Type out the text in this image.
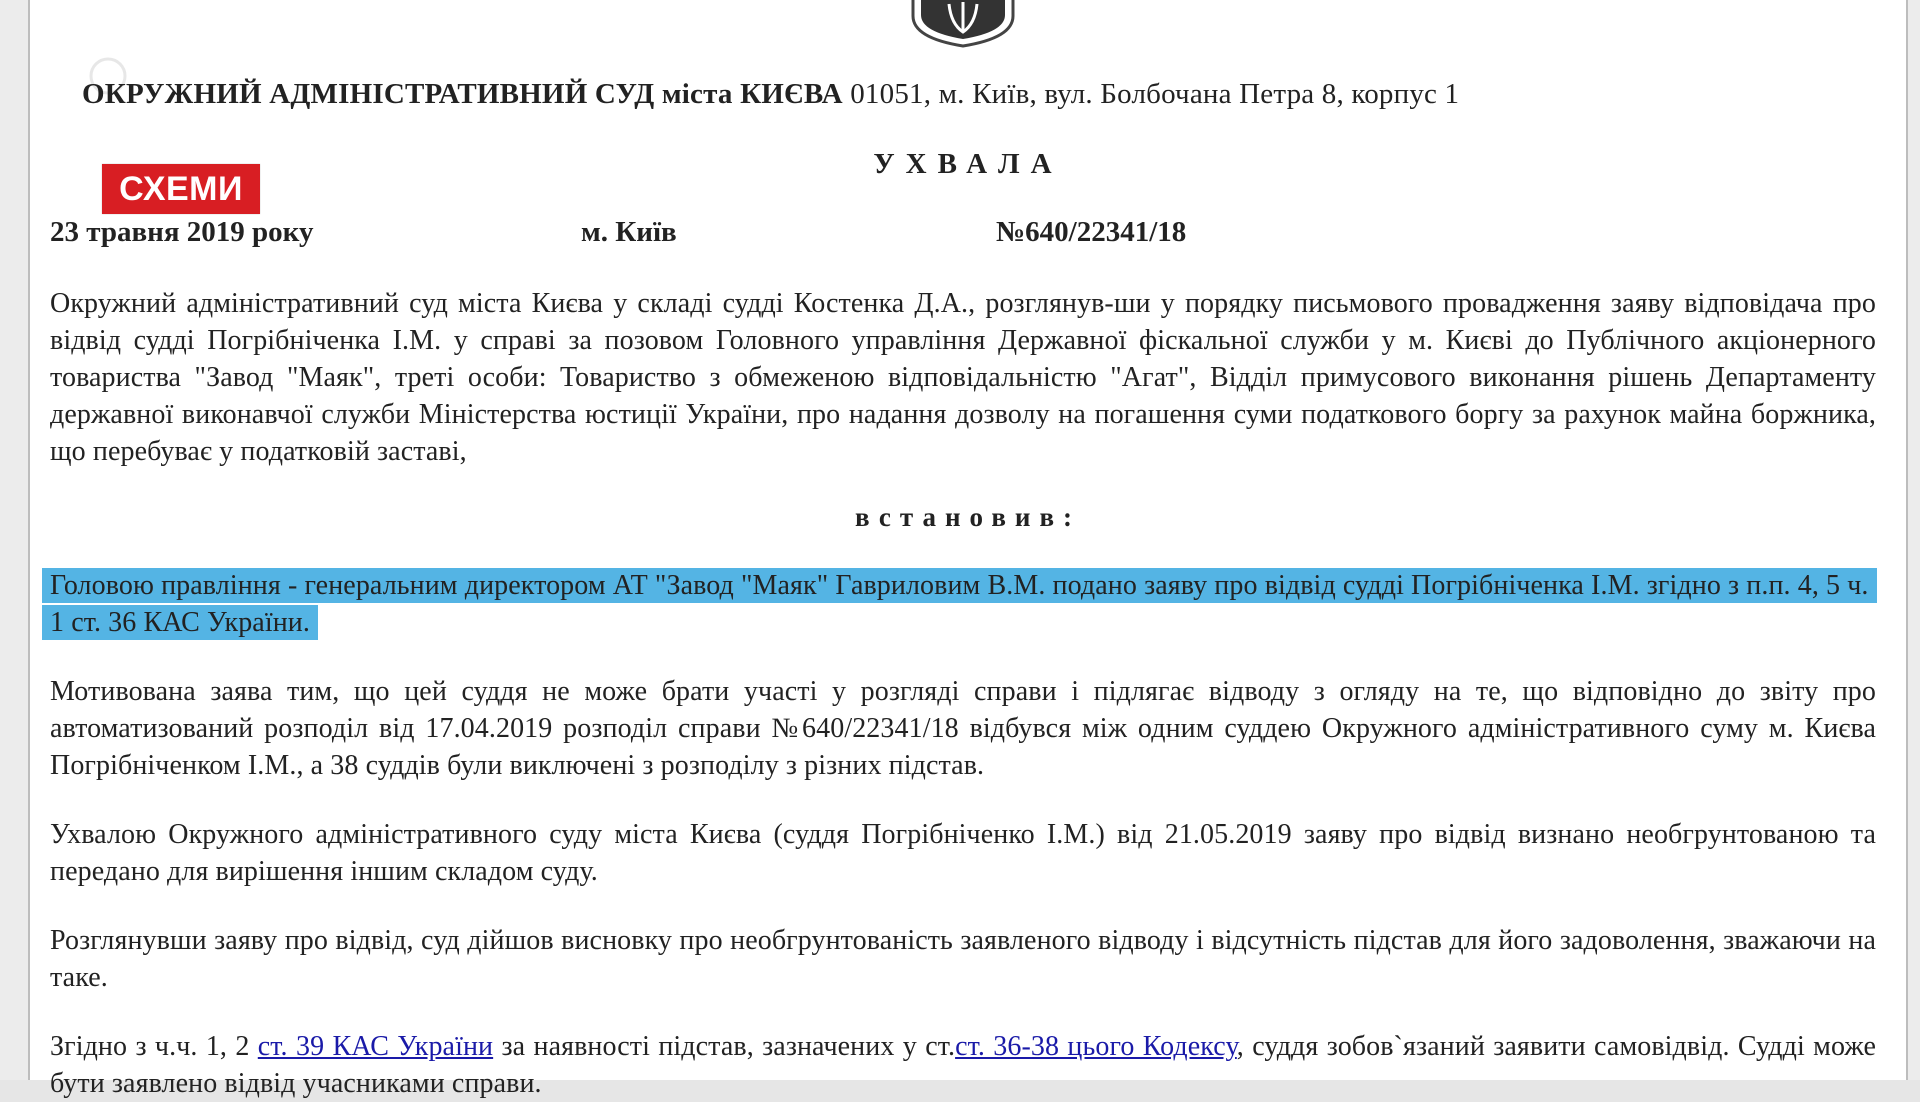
ОКРУЖНИЙ АДМІНІСТРАТИВНИЙ СУД міста КИЄВА 01051, м. Київ, вул. Болбочана Петра 8, корпус 1
СХЕМИ
УХВАЛА
23 травня 2019 року	м. Київ	№640/22341/18
Окружний адміністративний суд міста Києва у складі судді Костенка Д.А., розглянув-ши у порядку письмового провадження заяву відповідача про відвід судді Погрібніченка І.М. у справі за позовом Головного управління Державної фіскальної служби у м. Києві до Публічного акціонерного товариства "Завод "Маяк", треті особи: Товариство з обмеженою відповідальністю "Агат", Відділ примусового виконання рішень Департаменту державної виконавчої служби Міністерства юстиції України, про надання дозволу на погашення суми податкового боргу за рахунок майна боржника, що перебуває у податковій заставі,
встановив:
Головою правління - генеральним директором АТ "Завод "Маяк" Гавриловим В.М. подано заяву про відвід судді Погрібніченка І.М. згідно з п.п. 4, 5 ч. 1 ст. 36 КАС України.
Мотивована заява тим, що цей суддя не може брати участі у розгляді справи і підлягає відводу з огляду на те, що відповідно до звіту про автоматизований розподіл від 17.04.2019 розподіл справи №640/22341/18 відбувся між одним суддею Окружного адміністративного суму м. Києва Погрібніченком І.М., а 38 суддів були виключені з розподілу з різних підстав.
Ухвалою Окружного адміністративного суду міста Києва (суддя Погрібніченко І.М.) від 21.05.2019 заяву про відвід визнано необгрунтованою та передано для вирішення іншим складом суду.
Розглянувши заяву про відвід, суд дійшов висновку про необгрунтованість заявленого відводу і відсутність підстав для його задоволення, зважаючи на таке.
Згідно з ч.ч. 1, 2 ст. 39 КАС України за наявності підстав, зазначених у ст.ст. 36-38 цього Кодексу, суддя зобов`язаний заявити самовідвід. Судді може бути заявлено відвід учасниками справи.
